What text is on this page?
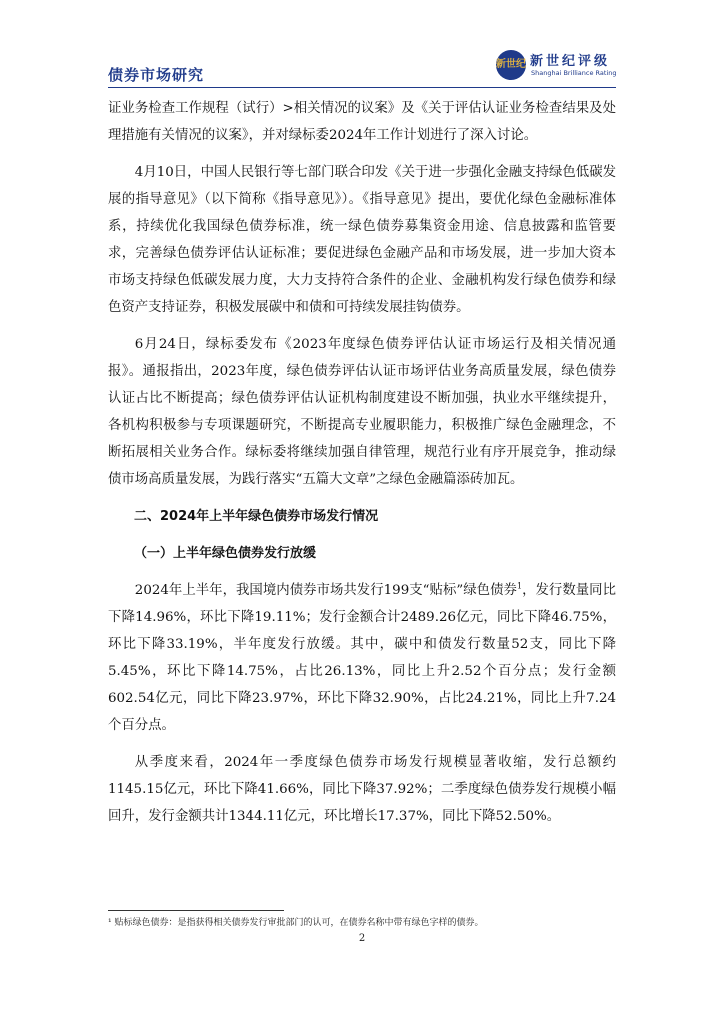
债券市场研究
新世纪 新世纪评级
Shanghai Brilliance Rating

证业务检查工作规程（试行）>相关情况的议案》及《关于评估认证业务检查结果及处理措施有关情况的议案》，并对绿标委2024年工作计划进行了深入讨论。

4月10日，中国人民银行等七部门联合印发《关于进一步强化金融支持绿色低碳发展的指导意见》（以下简称《指导意见》）。《指导意见》提出，要优化绿色金融标准体系，持续优化我国绿色债券标准，统一绿色债券募集资金用途、信息披露和监管要求，完善绿色债券评估认证标准；要促进绿色金融产品和市场发展，进一步加大资本市场支持绿色低碳发展力度，大力支持符合条件的企业、金融机构发行绿色债券和绿色资产支持证券，积极发展碳中和债和可持续发展挂钩债券。

6月24日，绿标委发布《2023年度绿色债券评估认证市场运行及相关情况通报》。通报指出，2023年度，绿色债券评估认证市场评估业务高质量发展，绿色债券认证占比不断提高；绿色债券评估认证机构制度建设不断加强，执业水平继续提升，各机构积极参与专项课题研究，不断提高专业履职能力，积极推广绿色金融理念，不断拓展相关业务合作。绿标委将继续加强自律管理，规范行业有序开展竞争，推动绿债市场高质量发展，为践行落实“五篇大文章”之绿色金融篇添砖加瓦。

二、2024年上半年绿色债券市场发行情况

（一）上半年绿色债券发行放缓

2024年上半年，我国境内债券市场共发行199支“贴标”绿色债券$^1$，发行数量同比下降14.96%，环比下降19.11%；发行金额合计2489.26亿元，同比下降46.75%，环比下降33.19%，半年度发行放缓。其中，碳中和债发行数量52支，同比下降5.45%，环比下降14.75%，占比26.13%，同比上升2.52个百分点；发行金额602.54亿元，同比下降23.97%，环比下降32.90%，占比24.21%，同比上升7.24个百分点。

从季度来看，2024年一季度绿色债券市场发行规模显著收缩，发行总额约1145.15亿元，环比下降41.66%，同比下降37.92%；二季度绿色债券发行规模小幅回升，发行金额共计1344.11亿元，环比增长17.37%，同比下降52.50%。

¹ 贴标绿色债券：是指获得相关债券发行审批部门的认可，在债券名称中带有绿色字样的债券。
2
